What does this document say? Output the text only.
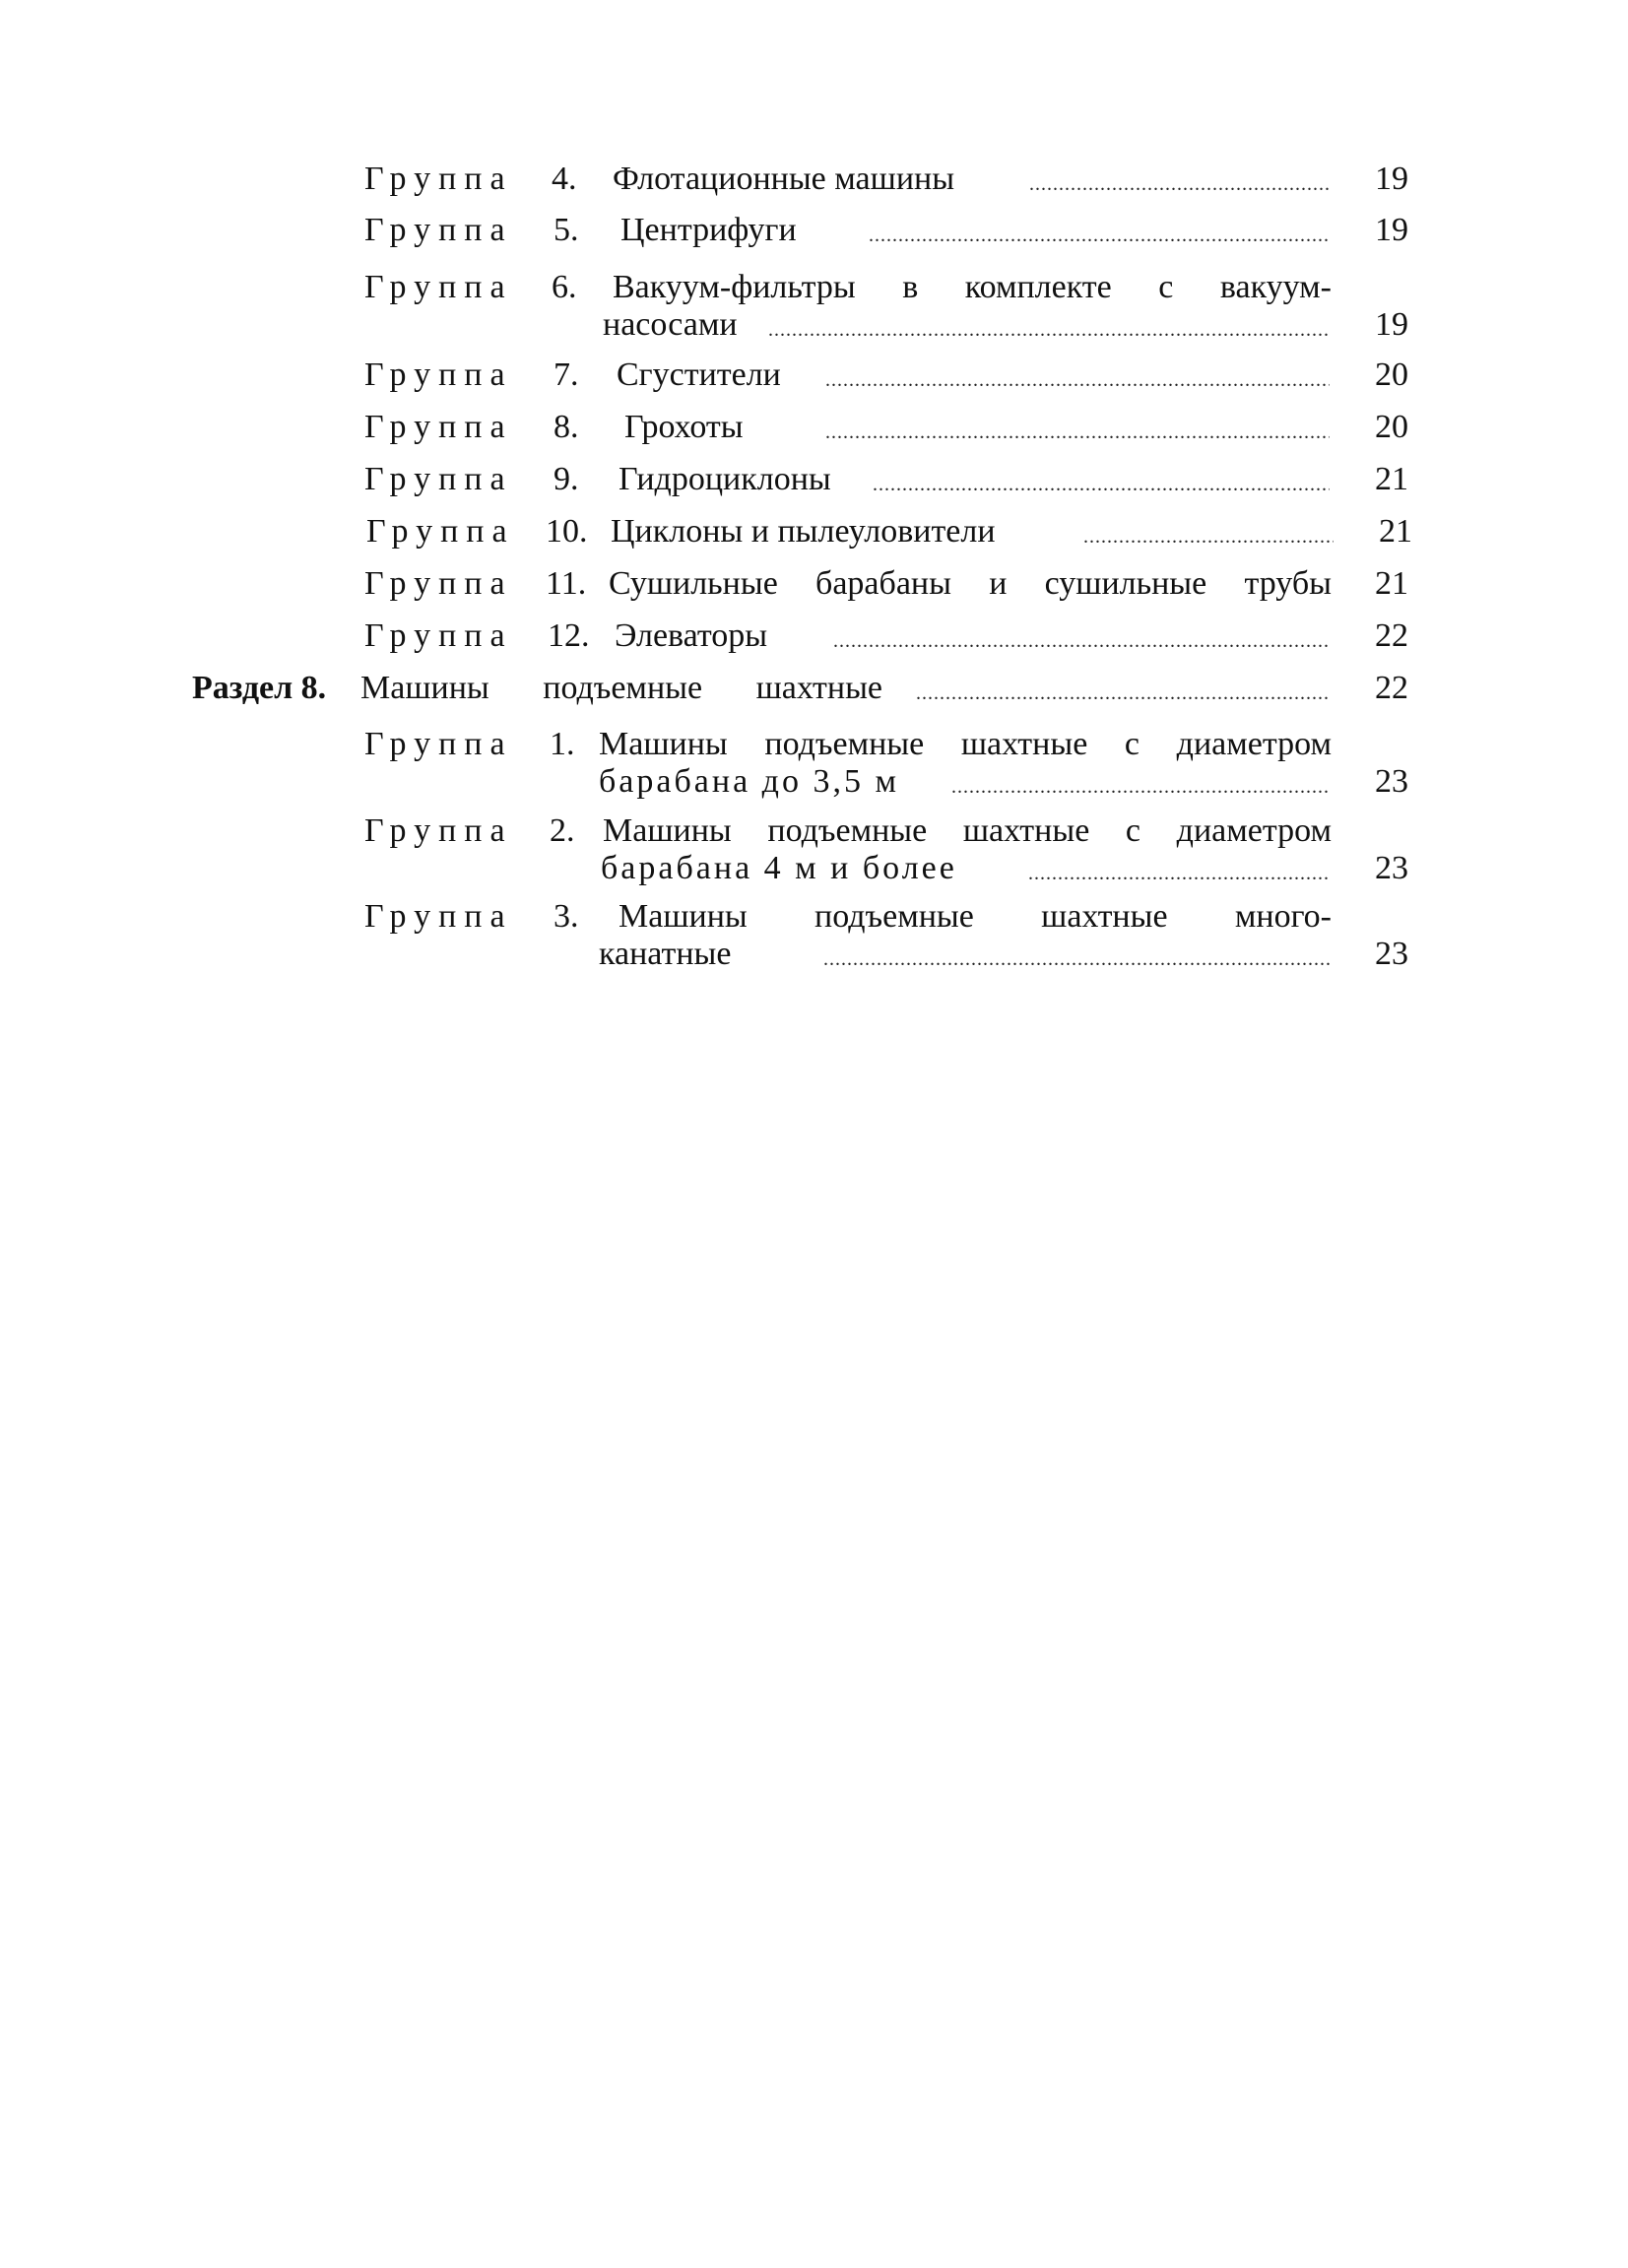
Группа 4. Флотационные машины .....	19
Группа 5. Центрифуги .....	19
Группа 6. Вакуум-фильтры в комплекте с вакуум-
насосами .....	19
Группа 7. Сгустители .....	20
Группа 8. Грохоты .....	20
Группа 9. Гидроциклоны .....	21
Группа 10. Циклоны и пылеуловители .....	21
Группа 11. Сушильные барабаны и сушильные трубы	21
Группа 12. Элеваторы .....	22
Раздел 8. Машины подъемные шахтные .....	22
Группа 1. Машины подъемные шахтные с диаметром
барабана до 3,5 м .....	23
Группа 2. Машины подъемные шахтные с диаметром
барабана 4 м и более .....	23
Группа 3. Машины подъемные шахтные много-
канатные .....	23
